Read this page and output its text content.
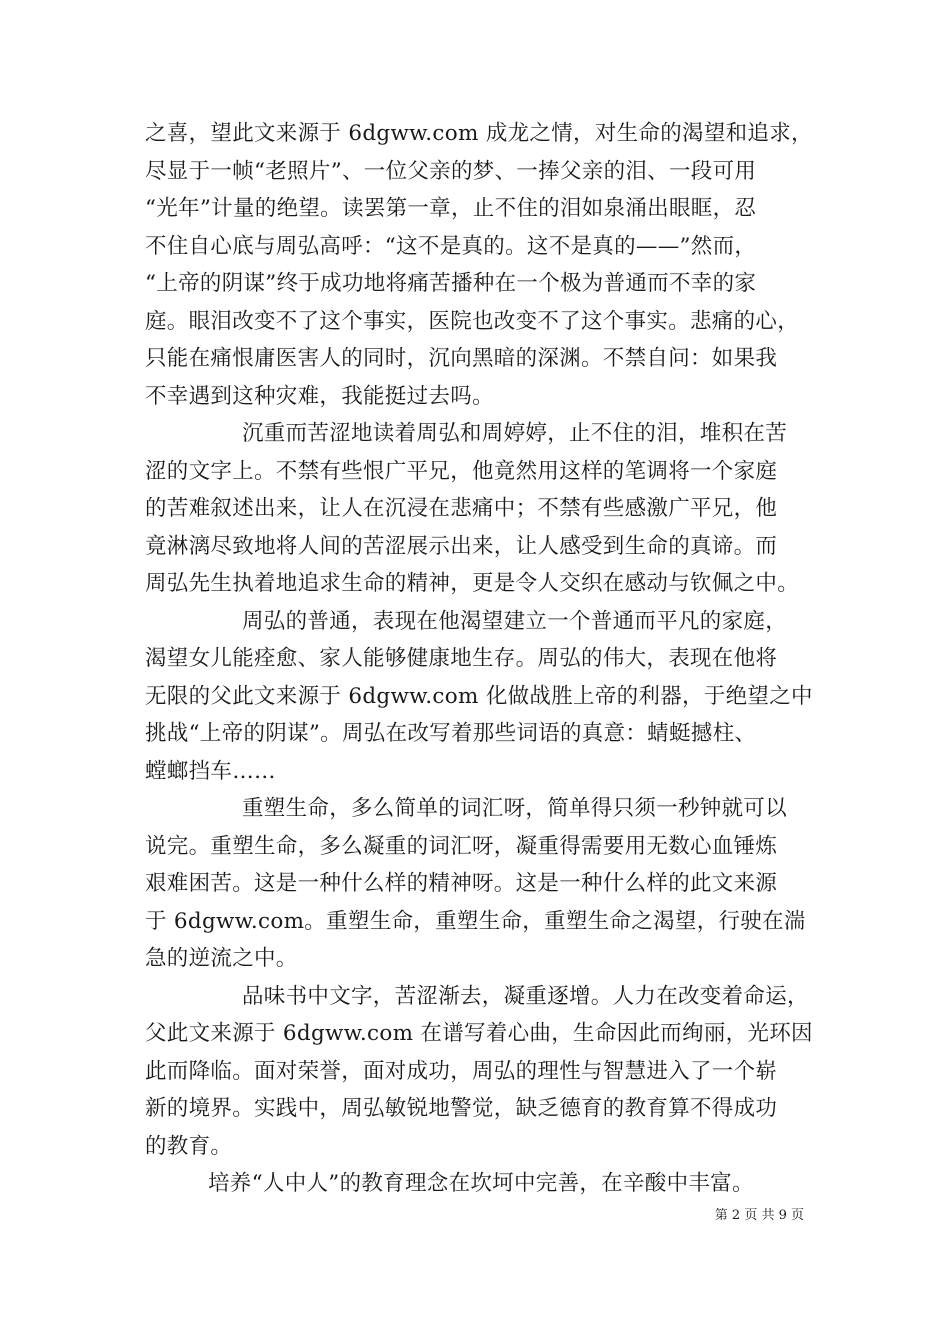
之喜，望此文来源于 6dgww.com 成龙之情，对生命的渴望和追求，
尽显于一帧“老照片”、一位父亲的梦、一捧父亲的泪、一段可用
“光年”计量的绝望。读罢第一章，止不住的泪如泉涌出眼眶，忍
不住自心底与周弘高呼：“这不是真的。这不是真的——”然而，
“上帝的阴谋”终于成功地将痛苦播种在一个极为普通而不幸的家
庭。眼泪改变不了这个事实，医院也改变不了这个事实。悲痛的心，
只能在痛恨庸医害人的同时，沉向黑暗的深渊。不禁自问：如果我
不幸遇到这种灾难，我能挺过去吗。

沉重而苦涩地读着周弘和周婷婷，止不住的泪，堆积在苦
涩的文字上。不禁有些恨广平兄，他竟然用这样的笔调将一个家庭
的苦难叙述出来，让人在沉浸在悲痛中；不禁有些感激广平兄，他
竟淋漓尽致地将人间的苦涩展示出来，让人感受到生命的真谛。而
周弘先生执着地追求生命的精神，更是令人交织在感动与钦佩之中。

周弘的普通，表现在他渴望建立一个普通而平凡的家庭，
渴望女儿能痊愈、家人能够健康地生存。周弘的伟大，表现在他将
无限的父此文来源于 6dgww.com 化做战胜上帝的利器，于绝望之中
挑战“上帝的阴谋”。周弘在改写着那些词语的真意：蜻蜓撼柱、
螳螂挡车……

重塑生命，多么简单的词汇呀，简单得只须一秒钟就可以
说完。重塑生命，多么凝重的词汇呀，凝重得需要用无数心血锤炼
艰难困苦。这是一种什么样的精神呀。这是一种什么样的此文来源
于 6dgww.com。重塑生命，重塑生命，重塑生命之渴望，行驶在湍
急的逆流之中。

品味书中文字，苦涩渐去，凝重逐增。人力在改变着命运，
父此文来源于 6dgww.com 在谱写着心曲，生命因此而绚丽，光环因
此而降临。面对荣誉，面对成功，周弘的理性与智慧进入了一个崭
新的境界。实践中，周弘敏锐地警觉，缺乏德育的教育算不得成功
的教育。

培养“人中人”的教育理念在坎坷中完善，在辛酸中丰富。

第 2 页 共 9 页
